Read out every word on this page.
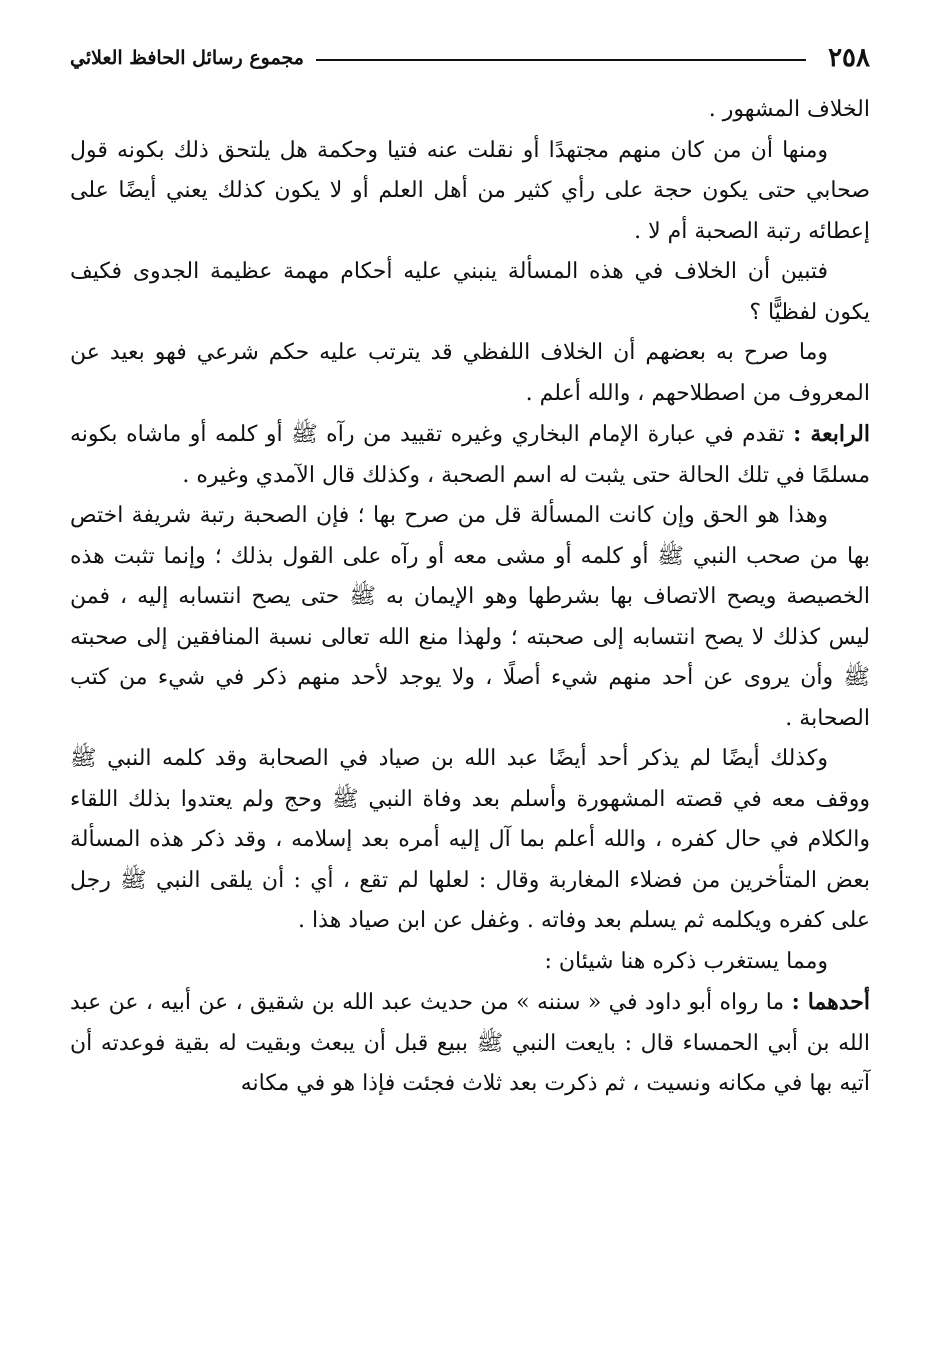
٢٥٨
مجموع رسائل الحافظ العلائي

الخلاف المشهور .

ومنها أن من كان منهم مجتهدًا أو نقلت عنه فتيا وحكمة هل يلتحق ذلك بكونه قول صحابي حتى يكون حجة على رأي كثير من أهل العلم أو لا يكون كذلك يعني أيضًا على إعطائه رتبة الصحبة أم لا .

فتبين أن الخلاف في هذه المسألة ينبني عليه أحكام مهمة عظيمة الجدوى فكيف يكون لفظيًّا ؟

وما صرح به بعضهم أن الخلاف اللفظي قد يترتب عليه حكم شرعي فهو بعيد عن المعروف من اصطلاحهم ، والله أعلم .

الرابعة : تقدم في عبارة الإمام البخاري وغيره تقييد من رآه ﷺ أو كلمه أو ماشاه بكونه مسلمًا في تلك الحالة حتى يثبت له اسم الصحبة ، وكذلك قال الآمدي وغيره .

وهذا هو الحق وإن كانت المسألة قل من صرح بها ؛ فإن الصحبة رتبة شريفة اختص بها من صحب النبي ﷺ أو كلمه أو مشى معه أو رآه على القول بذلك ؛ وإنما تثبت هذه الخصيصة ويصح الاتصاف بها بشرطها وهو الإيمان به ﷺ حتى يصح انتسابه إليه ، فمن ليس كذلك لا يصح انتسابه إلى صحبته ؛ ولهذا منع الله تعالى نسبة المنافقين إلى صحبته ﷺ وأن يروى عن أحد منهم شيء أصلًا ، ولا يوجد لأحد منهم ذكر في شيء من كتب الصحابة .

وكذلك أيضًا لم يذكر أحد أيضًا عبد الله بن صياد في الصحابة وقد كلمه النبي ﷺ ووقف معه في قصته المشهورة وأسلم بعد وفاة النبي ﷺ وحج ولم يعتدوا بذلك اللقاء والكلام في حال كفره ، والله أعلم بما آل إليه أمره بعد إسلامه ، وقد ذكر هذه المسألة بعض المتأخرين من فضلاء المغاربة وقال : لعلها لم تقع ، أي : أن يلقى النبي ﷺ رجل على كفره ويكلمه ثم يسلم بعد وفاته . وغفل عن ابن صياد هذا .

ومما يستغرب ذكره هنا شيئان :

أحدهما : ما رواه أبو داود في « سننه » من حديث عبد الله بن شقيق ، عن أبيه ، عن عبد الله بن أبي الحمساء قال : بايعت النبي ﷺ ببيع قبل أن يبعث وبقيت له بقية فوعدته أن آتيه بها في مكانه ونسيت ، ثم ذكرت بعد ثلاث فجئت فإذا هو في مكانه
